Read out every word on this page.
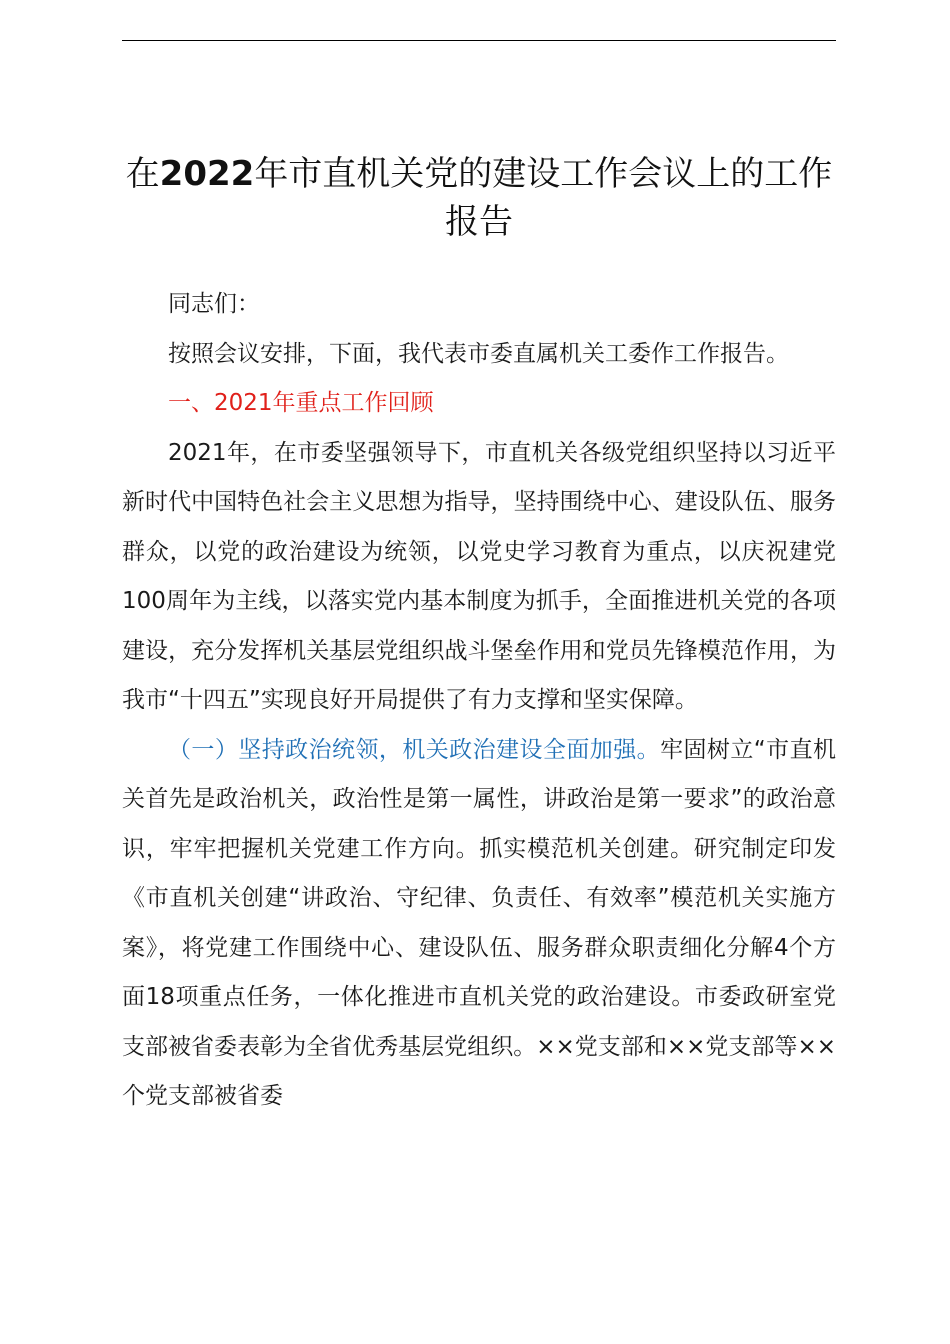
在2022年市直机关党的建设工作会议上的工作报告

同志们：

按照会议安排，下面，我代表市委直属机关工委作工作报告。

一、2021年重点工作回顾

2021年，在市委坚强领导下，市直机关各级党组织坚持以习近平新时代中国特色社会主义思想为指导，坚持围绕中心、建设队伍、服务群众，以党的政治建设为统领，以党史学习教育为重点，以庆祝建党100周年为主线，以落实党内基本制度为抓手，全面推进机关党的各项建设，充分发挥机关基层党组织战斗堡垒作用和党员先锋模范作用，为我市“十四五”实现良好开局提供了有力支撑和坚实保障。

（一）坚持政治统领，机关政治建设全面加强。牢固树立“市直机关首先是政治机关，政治性是第一属性，讲政治是第一要求”的政治意识，牢牢把握机关党建工作方向。抓实模范机关创建。研究制定印发《市直机关创建“讲政治、守纪律、负责任、有效率”模范机关实施方案》，将党建工作围绕中心、建设队伍、服务群众职责细化分解4个方面18项重点任务，一体化推进市直机关党的政治建设。市委政研室党支部被省委表彰为全省优秀基层党组织。××党支部和××党支部等××个党支部被省委
